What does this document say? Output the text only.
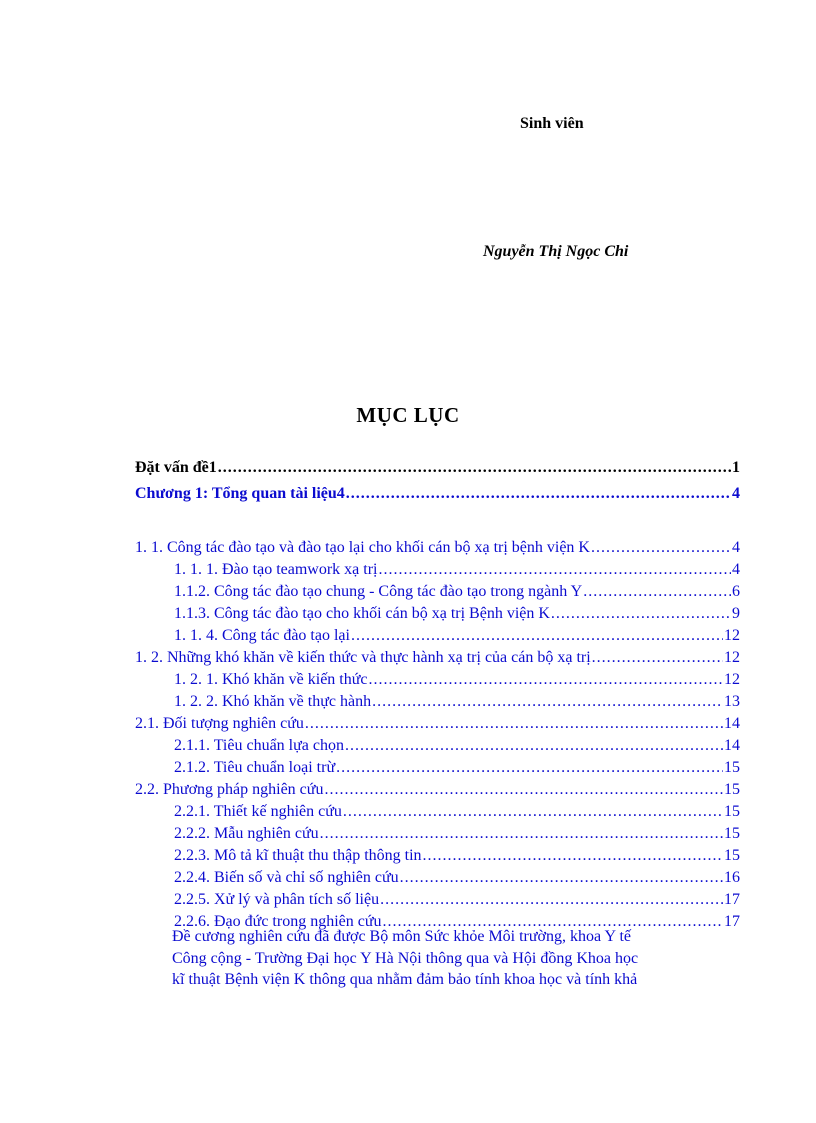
Sinh viên
Nguyễn Thị Ngọc Chi
MỤC LỤC
Đặt vấn đề1 .....	1
Chương 1: Tổng quan tài liệu4 .....	4
1. 1. Công tác đào tạo và đào tạo lại cho khối cán bộ xạ trị bệnh viện K .....	4
1. 1. 1. Đào tạo teamwork xạ trị .....	4
1.1.2. Công tác đào tạo chung - Công tác đào tạo trong ngành Y .....	6
1.1.3. Công tác đào tạo cho khối cán bộ xạ trị Bệnh viện K .....	9
1. 1. 4. Công tác đào tạo lại .....	12
1. 2. Những khó khăn về kiến thức và thực hành xạ trị của cán bộ xạ trị .....	12
1. 2. 1. Khó khăn về kiến thức .....	12
1. 2. 2. Khó khăn về thực hành .....	13
2.1. Đối tượng nghiên cứu .....	14
2.1.1. Tiêu chuẩn lựa chọn .....	14
2.1.2. Tiêu chuẩn loại trừ .....	15
2.2. Phương pháp nghiên cứu .....	15
2.2.1. Thiết kế nghiên cứu .....	15
2.2.2. Mẫu nghiên cứu .....	15
2.2.3. Mô tả kĩ thuật thu thập thông tin .....	15
2.2.4. Biến số và chỉ số nghiên cứu .....	16
2.2.5. Xử lý và phân tích số liệu .....	17
2.2.6. Đạo đức trong nghiên cứu .....	17
Đề cương nghiên cứu đã được Bộ môn Sức khỏe Môi trường, khoa Y tế
Công cộng - Trường Đại học Y Hà Nội thông qua và Hội đồng Khoa học
kĩ thuật Bệnh viện K thông qua nhằm đảm bảo tính khoa học và tính khả
